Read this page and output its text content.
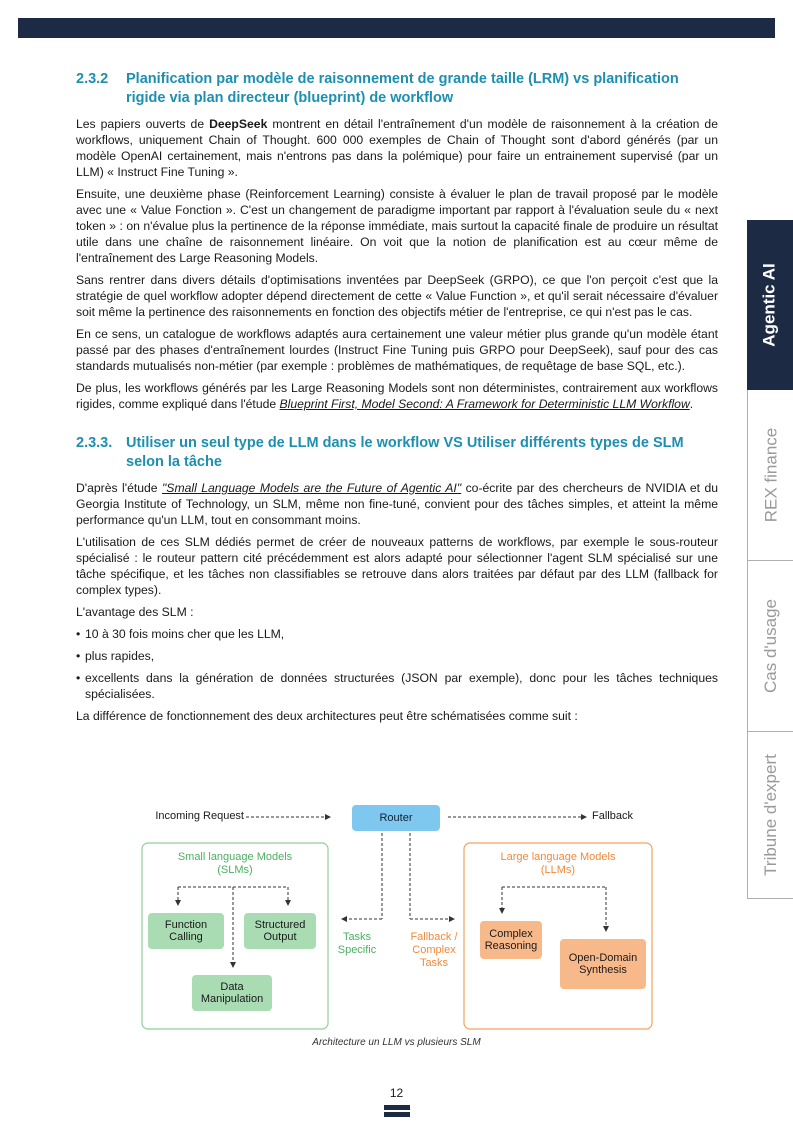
2.3.2	Planification par modèle de raisonnement de grande taille (LRM) vs planification rigide via plan directeur (blueprint) de workflow

Les papiers ouverts de DeepSeek montrent en détail l'entraînement d'un modèle de raisonnement à la création de workflows, uniquement Chain of Thought. 600 000 exemples de Chain of Thought sont d'abord générés (par un modèle OpenAI certainement, mais n'entrons pas dans la polémique) pour faire un entrainement supervisé (par un LLM) « Instruct Fine Tuning ».

Ensuite, une deuxième phase (Reinforcement Learning) consiste à évaluer le plan de travail proposé par le modèle avec une « Value Fonction ». C'est un changement de paradigme important par rapport à l'évaluation seule du « next token » : on n'évalue plus la pertinence de la réponse immédiate, mais surtout la capacité finale de produire un résultat utile dans une chaîne de raisonnement linéaire. On voit que la notion de planification est au cœur même de l'entraînement des Large Reasoning Models.

Sans rentrer dans divers détails d'optimisations inventées par DeepSeek (GRPO), ce que l'on perçoit c'est que la stratégie de quel workflow adopter dépend directement de cette « Value Function », et qu'il serait nécessaire d'évaluer soit même la pertinence des raisonnements en fonction des objectifs métier de l'entreprise, ce qui n'est pas le cas.

En ce sens, un catalogue de workflows adaptés aura certainement une valeur métier plus grande qu'un modèle étant passé par des phases d'entraînement lourdes (Instruct Fine Tuning puis GRPO pour DeepSeek), sauf pour des cas standards mutualisés non-métier (par exemple : problèmes de mathématiques, de requêtage de base SQL, etc.).

De plus, les workflows générés par les Large Reasoning Models sont non déterministes, contrairement aux workflows rigides, comme expliqué dans l'étude Blueprint First, Model Second: A Framework for Deterministic LLM Workflow.

2.3.3. Utiliser un seul type de LLM dans le workflow VS Utiliser différents types de SLM selon la tâche

D'après l'étude "Small Language Models are the Future of Agentic AI" co-écrite par des chercheurs de NVIDIA et du Georgia Institute of Technology, un SLM, même non fine-tuné, convient pour des tâches simples, et atteint la même performance qu'un LLM, tout en consommant moins.

L'utilisation de ces SLM dédiés permet de créer de nouveaux patterns de workflows, par exemple le sous-routeur spécialisé : le routeur pattern cité précédemment est alors adapté pour sélectionner l'agent SLM spécialisé sur une tâche spécifique, et les tâches non classifiables se retrouve dans alors traitées par défaut par des LLM (fallback for complex types).

L'avantage des SLM :

• 10 à 30 fois moins cher que les LLM,
• plus rapides,
• excellents dans la génération de données structurées (JSON par exemple), donc pour les tâches techniques spécialisées.

La différence de fonctionnement des deux architectures peut être schématisées comme suit :

Incoming Request	Router	Fallback
Small language Models
(SLMs)
Large language Models
(LLMs)
Function
Calling
Structured
Output
Data
Manipulation
Tasks
Specific
Fallback /
Complex
Tasks
Complex
Reasoning
Open-Domain
Synthesis
Architecture un LLM vs plusieurs SLM
Agentic AI
REX finance
Cas d'usage
Tribune d'expert
12
